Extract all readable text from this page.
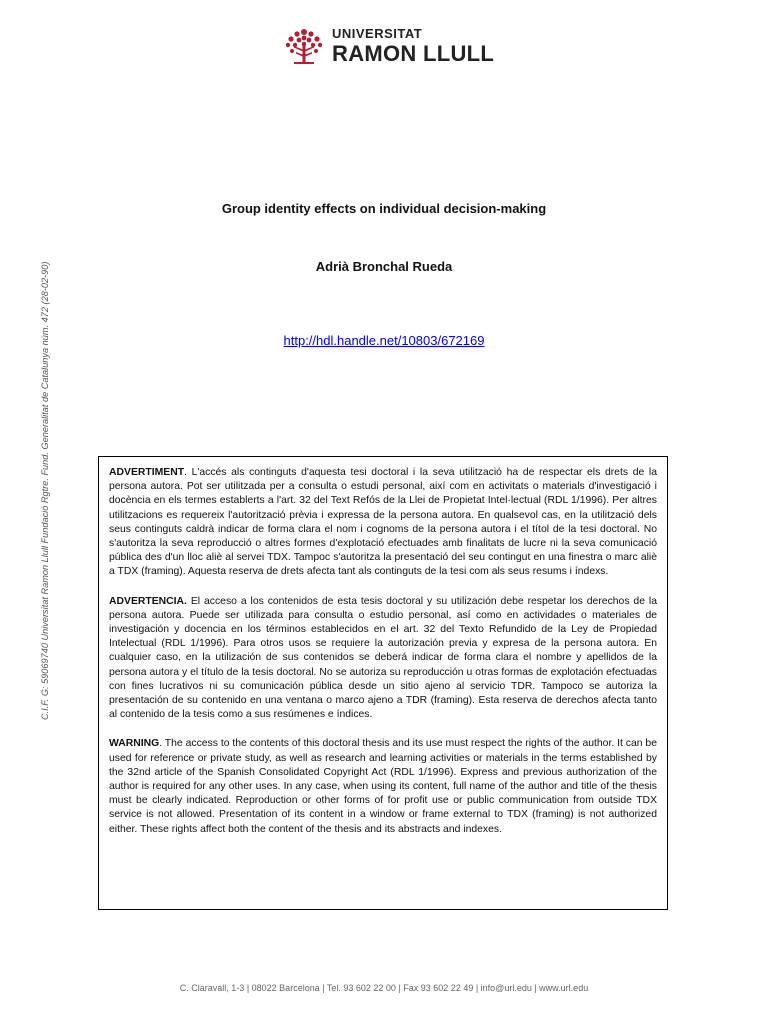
UNIVERSITAT
RAMON LLULL
C.I.F. G: 59069740 Universitat Ramon Llull Fundació Rgtre. Fund. Generalitat de Catalunya núm. 472 (28-02-90)
Group identity effects on individual decision-making
Adrià Bronchal Rueda
http://hdl.handle.net/10803/672169

ADVERTIMENT. L'accés als continguts d'aquesta tesi doctoral i la seva utilització ha de respectar els drets de la persona autora. Pot ser utilitzada per a consulta o estudi personal, així com en activitats o materials d'investigació i docència en els termes establerts a l'art. 32 del Text Refós de la Llei de Propietat Intel·lectual (RDL 1/1996). Per altres utilitzacions es requereix l'autorització prèvia i expressa de la persona autora. En qualsevol cas, en la utilització dels seus continguts caldrà indicar de forma clara el nom i cognoms de la persona autora i el títol de la tesi doctoral. No s'autoritza la seva reproducció o altres formes d'explotació efectuades amb finalitats de lucre ni la seva comunicació pública des d'un lloc aliè al servei TDX. Tampoc s'autoritza la presentació del seu contingut en una finestra o marc aliè a TDX (framing). Aquesta reserva de drets afecta tant als continguts de la tesi com als seus resums i índexs.

ADVERTENCIA. El acceso a los contenidos de esta tesis doctoral y su utilización debe respetar los derechos de la persona autora. Puede ser utilizada para consulta o estudio personal, así como en actividades o materiales de investigación y docencia en los términos establecidos en el art. 32 del Texto Refundido de la Ley de Propiedad Intelectual (RDL 1/1996). Para otros usos se requiere la autorización previa y expresa de la persona autora. En cualquier caso, en la utilización de sus contenidos se deberá indicar de forma clara el nombre y apellidos de la persona autora y el título de la tesis doctoral. No se autoriza su reproducción u otras formas de explotación efectuadas con fines lucrativos ni su comunicación pública desde un sitio ajeno al servicio TDR. Tampoco se autoriza la presentación de su contenido en una ventana o marco ajeno a TDR (framing). Esta reserva de derechos afecta tanto al contenido de la tesis como a sus resúmenes e índices.

WARNING. The access to the contents of this doctoral thesis and its use must respect the rights of the author. It can be used for reference or private study, as well as research and learning activities or materials in the terms established by the 32nd article of the Spanish Consolidated Copyright Act (RDL 1/1996). Express and previous authorization of the author is required for any other uses. In any case, when using its content, full name of the author and title of the thesis must be clearly indicated. Reproduction or other forms of for profit use or public communication from outside TDX service is not allowed. Presentation of its content in a window or frame external to TDX (framing) is not authorized either. These rights affect both the content of the thesis and its abstracts and indexes.

C. Claravall, 1-3 | 08022 Barcelona | Tel. 93 602 22 00 | Fax 93 602 22 49 | info@url.edu | www.url.edu
